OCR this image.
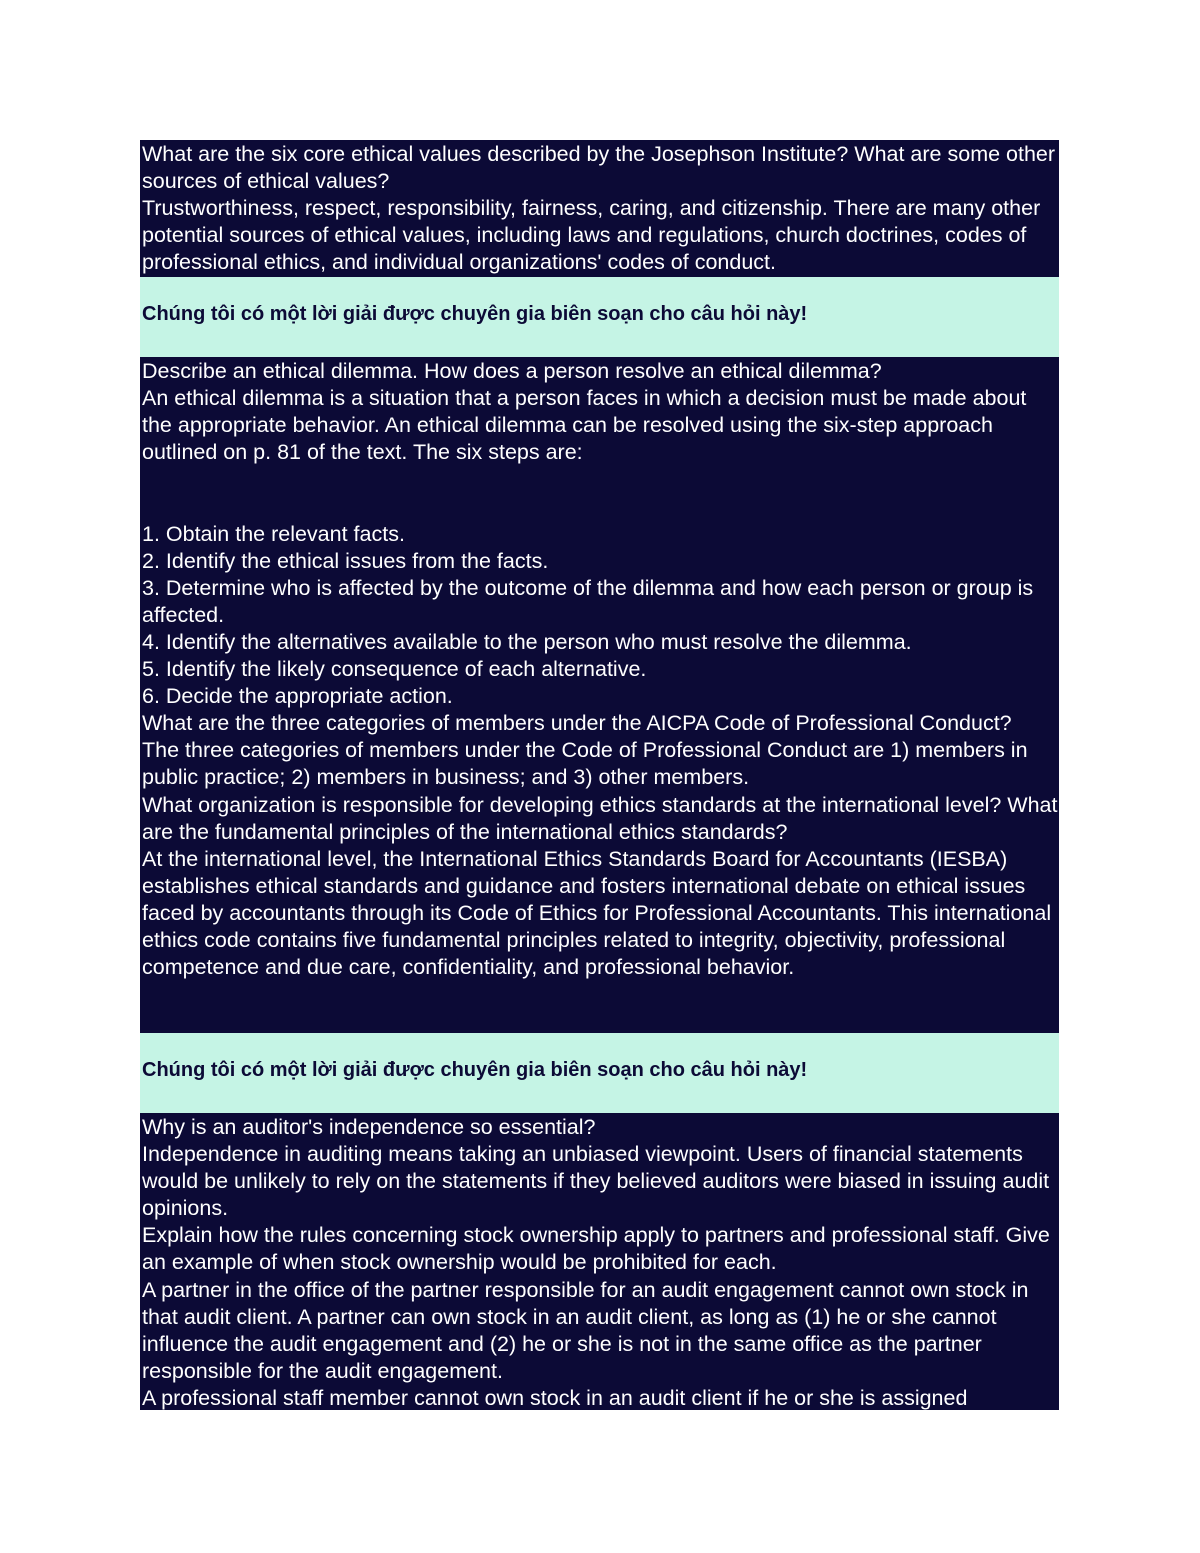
What are the six core ethical values described by the Josephson Institute? What are some other sources of ethical values?

Trustworthiness, respect, responsibility, fairness, caring, and citizenship. There are many other potential sources of ethical values, including laws and regulations, church doctrines, codes of professional ethics, and individual organizations' codes of conduct.

Chúng tôi có một lời giải được chuyên gia biên soạn cho câu hỏi này!

Describe an ethical dilemma. How does a person resolve an ethical dilemma?

An ethical dilemma is a situation that a person faces in which a decision must be made about the appropriate behavior. An ethical dilemma can be resolved using the six-step approach outlined on p. 81 of the text. The six steps are:

1. Obtain the relevant facts.

2. Identify the ethical issues from the facts.

3. Determine who is affected by the outcome of the dilemma and how each person or group is affected.

4. Identify the alternatives available to the person who must resolve the dilemma.

5. Identify the likely consequence of each alternative.

6. Decide the appropriate action.

What are the three categories of members under the AICPA Code of Professional Conduct?

The three categories of members under the Code of Professional Conduct are 1) members in public practice; 2) members in business; and 3) other members.

What organization is responsible for developing ethics standards at the international level? What are the fundamental principles of the international ethics standards?

At the international level, the International Ethics Standards Board for Accountants (IESBA) establishes ethical standards and guidance and fosters international debate on ethical issues faced by accountants through its Code of Ethics for Professional Accountants. This international ethics code contains five fundamental principles related to integrity, objectivity, professional competence and due care, confidentiality, and professional behavior.

Chúng tôi có một lời giải được chuyên gia biên soạn cho câu hỏi này!

Why is an auditor's independence so essential?

Independence in auditing means taking an unbiased viewpoint. Users of financial statements would be unlikely to rely on the statements if they believed auditors were biased in issuing audit opinions.

Explain how the rules concerning stock ownership apply to partners and professional staff. Give an example of when stock ownership would be prohibited for each.

A partner in the office of the partner responsible for an audit engagement cannot own stock in that audit client. A partner can own stock in an audit client, as long as (1) he or she cannot influence the audit engagement and (2) he or she is not in the same office as the partner responsible for the audit engagement.

A professional staff member cannot own stock in an audit client if he or she is assigned
